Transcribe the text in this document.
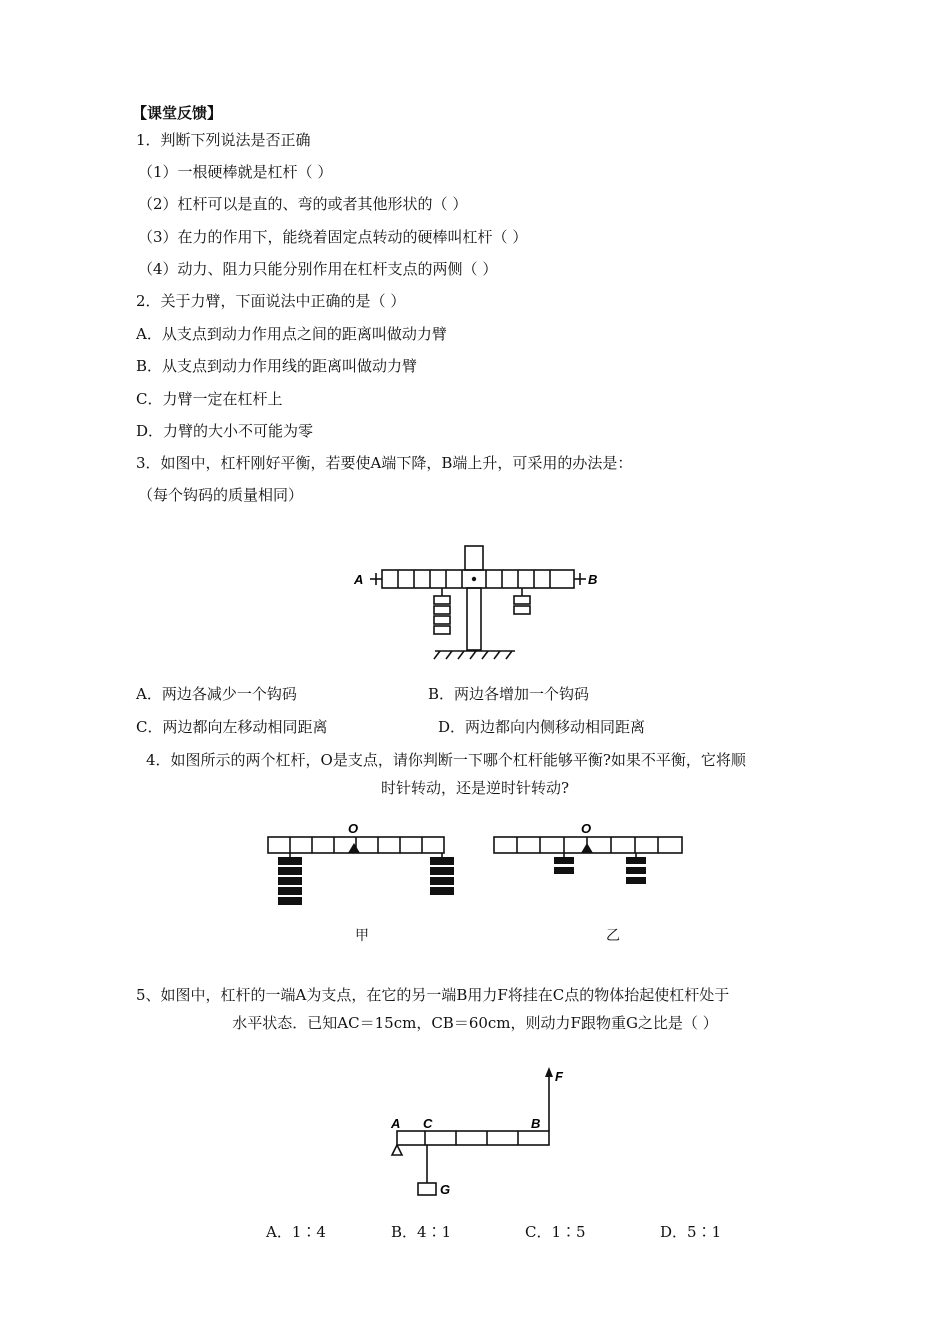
【课堂反馈】
1．判断下列说法是否正确
（1）一根硬棒就是杠杆（ ）
（2）杠杆可以是直的、弯的或者其他形状的（ ）
（3）在力的作用下，能绕着固定点转动的硬棒叫杠杆（ ）
（4）动力、阻力只能分别作用在杠杆支点的两侧（ ）
2．关于力臂，下面说法中正确的是（ ）
A．从支点到动力作用点之间的距离叫做动力臂
B．从支点到动力作用线的距离叫做动力臂
C．力臂一定在杠杆上
D．力臂的大小不可能为零
3．如图中，杠杆刚好平衡，若要使A端下降，B端上升，可采用的办法是：
（每个钩码的质量相同）
A	B
A．两边各减少一个钩码	B．两边各增加一个钩码
C．两边都向左移动相同距离	D．两边都向内侧移动相同距离
4．如图所示的两个杠杆，O是支点，请你判断一下哪个杠杆能够平衡?如果不平衡，它将顺
时针转动，还是逆时针转动?
O
甲
O
乙
5、如图中，杠杆的一端A为支点，在它的另一端B用力F将挂在C点的物体抬起使杠杆处于
水平状态．已知AC＝15cm，CB＝60cm，则动力F跟物重G之比是（ ）
A C	B
F
G
A．1∶4	B．4∶1	C．1∶5	D．5∶1
